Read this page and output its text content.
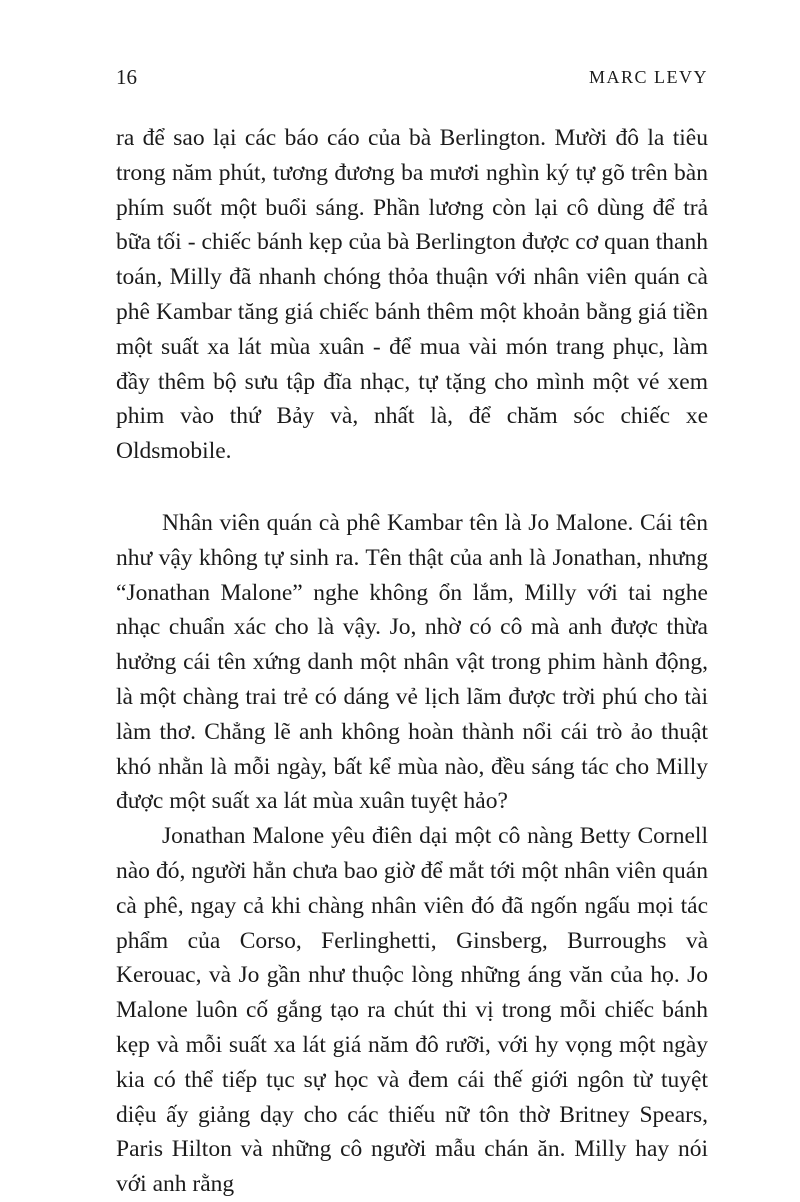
16	MARC LEVY

ra để sao lại các báo cáo của bà Berlington. Mười đô la tiêu trong năm phút, tương đương ba mươi nghìn ký tự gõ trên bàn phím suốt một buổi sáng. Phần lương còn lại cô dùng để trả bữa tối - chiếc bánh kẹp của bà Berlington được cơ quan thanh toán, Milly đã nhanh chóng thỏa thuận với nhân viên quán cà phê Kambar tăng giá chiếc bánh thêm một khoản bằng giá tiền một suất xa lát mùa xuân - để mua vài món trang phục, làm đầy thêm bộ sưu tập đĩa nhạc, tự tặng cho mình một vé xem phim vào thứ Bảy và, nhất là, để chăm sóc chiếc xe Oldsmobile.

Nhân viên quán cà phê Kambar tên là Jo Malone. Cái tên như vậy không tự sinh ra. Tên thật của anh là Jonathan, nhưng “Jonathan Malone” nghe không ổn lắm, Milly với tai nghe nhạc chuẩn xác cho là vậy. Jo, nhờ có cô mà anh được thừa hưởng cái tên xứng danh một nhân vật trong phim hành động, là một chàng trai trẻ có dáng vẻ lịch lãm được trời phú cho tài làm thơ. Chẳng lẽ anh không hoàn thành nổi cái trò ảo thuật khó nhằn là mỗi ngày, bất kể mùa nào, đều sáng tác cho Milly được một suất xa lát mùa xuân tuyệt hảo?

Jonathan Malone yêu điên dại một cô nàng Betty Cornell nào đó, người hẳn chưa bao giờ để mắt tới một nhân viên quán cà phê, ngay cả khi chàng nhân viên đó đã ngốn ngấu mọi tác phẩm của Corso, Ferlinghetti, Ginsberg, Burroughs và Kerouac, và Jo gần như thuộc lòng những áng văn của họ. Jo Malone luôn cố gắng tạo ra chút thi vị trong mỗi chiếc bánh kẹp và mỗi suất xa lát giá năm đô rưỡi, với hy vọng một ngày kia có thể tiếp tục sự học và đem cái thế giới ngôn từ tuyệt diệu ấy giảng dạy cho các thiếu nữ tôn thờ Britney Spears, Paris Hilton và những cô người mẫu chán ăn. Milly hay nói với anh rằng
